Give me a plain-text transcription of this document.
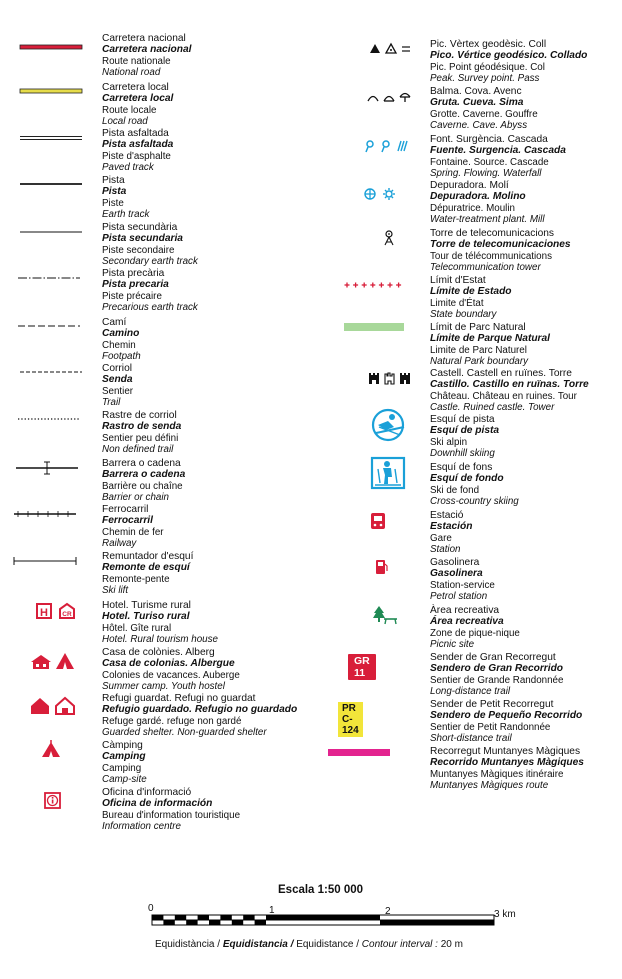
Carretera nacional
Carretera nacional
Route nationale
National road
Carretera local
Carretera local
Route locale
Local road
Pista asfaltada
Pista asfaltada
Piste d'asphalte
Paved track
Pista
Pista
Piste
Earth track
Pista secundària
Pista secundaria
Piste secondaire
Secondary earth track
Pista precària
Pista precaria
Piste précaire
Precarious earth track
Camí
Camino
Chemin
Footpath
Corriol
Senda
Sentier
Trail
Rastre de corriol
Rastro de senda
Sentier peu défini
Non defined trail
Barrera o cadena
Barrera o cadena
Barrière ou chaîne
Barrier or chain
Ferrocarril
Ferrocarril
Chemin de fer
Railway
Remuntador d'esquí
Remonte de esquí
Remonte-pente
Ski lift
H CR
Hotel. Turisme rural
Hotel. Turiso rural
Hôtel. Gîte rural
Hotel. Rural tourism house
Casa de colònies. Alberg
Casa de colonias. Albergue
Colonies de vacances. Auberge
Summer camp. Youth hostel
Refugi guardat. Refugi no guardat
Refugio guardado. Refugio no guardado
Refuge gardé. refuge non gardé
Guarded shelter. Non-guarded shelter
Càmping
Camping
Camping
Camp-site
Oficina d'informació
Oficina de información
Bureau d'information touristique
Information centre
Pic. Vèrtex geodèsic. Coll
Pico. Vértice geodésico. Collado
Pic. Point géodésique. Col
Peak. Survey point. Pass
Balma. Cova. Avenc
Gruta. Cueva. Sima
Grotte. Caverne. Gouffre
Caverne. Cave. Abyss
Font. Surgència. Cascada
Fuente. Surgencia. Cascada
Fontaine. Source. Cascade
Spring. Flowing. Waterfall
Depuradora. Molí
Depuradora. Molino
Dépuratrice. Moulin
Water-treatment plant. Mill
Torre de telecomunicacions
Torre de telecomunicaciones
Tour de télécommunications
Telecommunication tower
Límit d'Estat
Límite de Estado
Limite d'État
State boundary
Límit de Parc Natural
Límite de Parque Natural
Limite de Parc Naturel
Natural Park boundary
Castell. Castell en ruïnes. Torre
Castillo. Castillo en ruïnas. Torre
Château. Château en ruines. Tour
Castle. Ruined castle. Tower
Esquí de pista
Esquí de pista
Ski alpin
Downhill skiing
Esquí de fons
Esquí de fondo
Ski de fond
Cross-country skiing
Estació
Estación
Gare
Station
Gasolinera
Gasolinera
Station-service
Petrol station
Àrea recreativa
Área recreativa
Zone de pique-nique
Picnic site
GR 11
Sender de Gran Recorregut
Sendero de Gran Recorrido
Sentier de Grande Randonnée
Long-distance trail
PR C-124
Sender de Petit Recorregut
Sendero de Pequeño Recorrido
Sentier de Petit Randonnée
Short-distance trail
Recorregut Muntanyes Màgiques
Recorrido Muntanyes Màgiques
Muntanyes Màgiques itinéraire
Muntanyes Màgiques route
Escala 1:50 000
0	1	2	3 km
Equidistància / Equidistancia / Equidistance / Contour interval : 20 m
